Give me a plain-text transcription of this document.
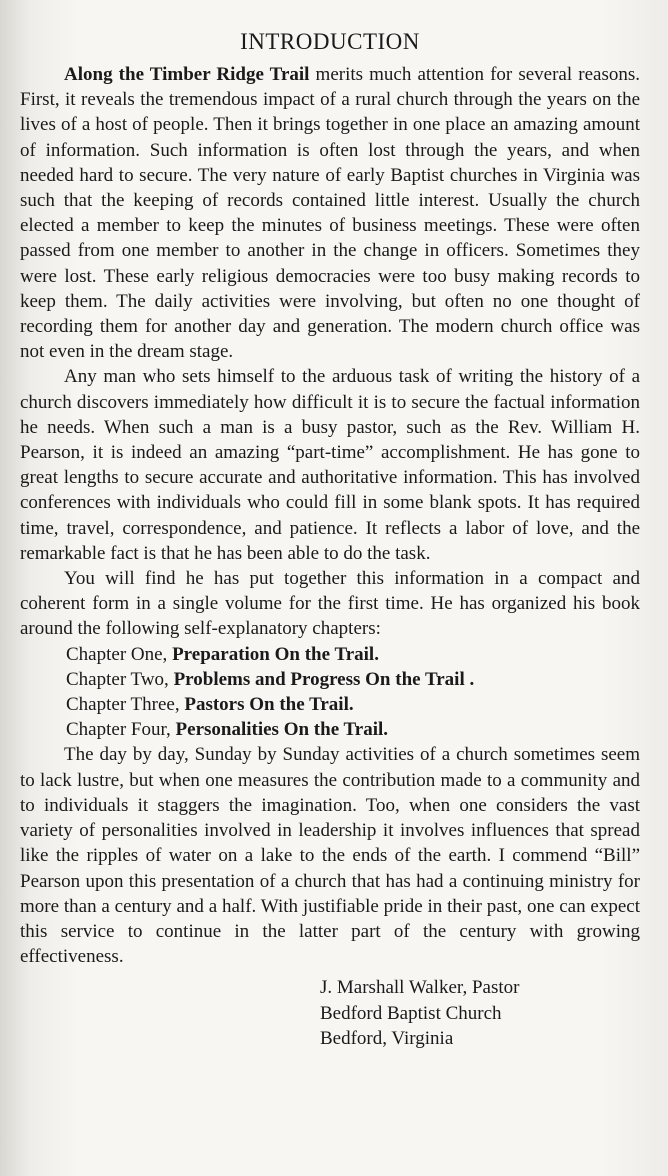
INTRODUCTION

Along the Timber Ridge Trail merits much attention for several reasons. First, it reveals the tremendous impact of a rural church through the years on the lives of a host of people. Then it brings together in one place an amazing amount of information. Such information is often lost through the years, and when needed hard to secure. The very nature of early Baptist churches in Virginia was such that the keeping of records contained little interest. Usually the church elected a member to keep the minutes of business meetings. These were often passed from one member to another in the change in officers. Sometimes they were lost. These early religious democracies were too busy making records to keep them. The daily activities were involving, but often no one thought of recording them for another day and generation. The modern church office was not even in the dream stage.

Any man who sets himself to the arduous task of writing the history of a church discovers immediately how difficult it is to secure the factual information he needs. When such a man is a busy pastor, such as the Rev. William H. Pearson, it is indeed an amazing “part-time” accomplishment. He has gone to great lengths to secure accurate and authoritative information. This has involved conferences with individuals who could fill in some blank spots. It has required time, travel, correspondence, and patience. It reflects a labor of love, and the remarkable fact is that he has been able to do the task.

You will find he has put together this information in a compact and coherent form in a single volume for the first time. He has organized his book around the following self-explanatory chapters:

Chapter One, Preparation On the Trail.

Chapter Two, Problems and Progress On the Trail .

Chapter Three, Pastors On the Trail.

Chapter Four, Personalities On the Trail.

The day by day, Sunday by Sunday activities of a church sometimes seem to lack lustre, but when one measures the contribution made to a community and to individuals it staggers the imagination. Too, when one considers the vast variety of personalities involved in leadership it involves influences that spread like the ripples of water on a lake to the ends of the earth. I commend “Bill” Pearson upon this presentation of a church that has had a continuing ministry for more than a century and a half. With justifiable pride in their past, one can expect this service to continue in the latter part of the century with growing effectiveness.

J. Marshall Walker, Pastor
Bedford Baptist Church
Bedford, Virginia
